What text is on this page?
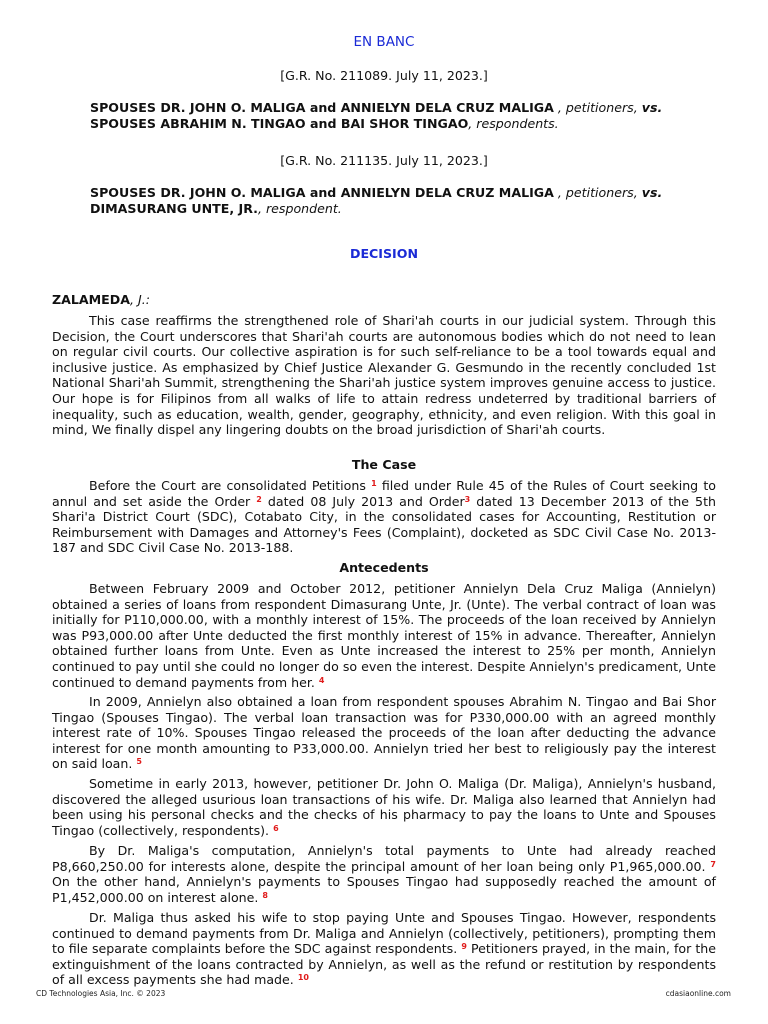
EN BANC
[G.R. No. 211089. July 11, 2023.]
SPOUSES DR. JOHN O. MALIGA and ANNIELYN DELA CRUZ MALIGA , petitioners, vs.
SPOUSES ABRAHIM N. TINGAO and BAI SHOR TINGAO, respondents.
[G.R. No. 211135. July 11, 2023.]
SPOUSES DR. JOHN O. MALIGA and ANNIELYN DELA CRUZ MALIGA , petitioners, vs.
DIMASURANG UNTE, JR., respondent.
DECISION
ZALAMEDA, J.:

This case reaffirms the strengthened role of Shari'ah courts in our judicial system. Through this Decision, the Court underscores that Shari'ah courts are autonomous bodies which do not need to lean on regular civil courts. Our collective aspiration is for such self-reliance to be a tool towards equal and inclusive justice. As emphasized by Chief Justice Alexander G. Gesmundo in the recently concluded 1st National Shari'ah Summit, strengthening the Shari'ah justice system improves genuine access to justice. Our hope is for Filipinos from all walks of life to attain redress undeterred by traditional barriers of inequality, such as education, wealth, gender, geography, ethnicity, and even religion. With this goal in mind, We finally dispel any lingering doubts on the broad jurisdiction of Shari'ah courts.

The Case

Before the Court are consolidated Petitions $^1$ filed under Rule 45 of the Rules of Court seeking to annul and set aside the Order $^2$ dated 08 July 2013 and Order$^3$ dated 13 December 2013 of the 5th Shari'a District Court (SDC), Cotabato City, in the consolidated cases for Accounting, Restitution or Reimbursement with Damages and Attorney's Fees (Complaint), docketed as SDC Civil Case No. 2013-187 and SDC Civil Case No. 2013-188.

Antecedents

Between February 2009 and October 2012, petitioner Annielyn Dela Cruz Maliga (Annielyn) obtained a series of loans from respondent Dimasurang Unte, Jr. (Unte). The verbal contract of loan was initially for P110,000.00, with a monthly interest of 15%. The proceeds of the loan received by Annielyn was P93,000.00 after Unte deducted the first monthly interest of 15% in advance. Thereafter, Annielyn obtained further loans from Unte. Even as Unte increased the interest to 25% per month, Annielyn continued to pay until she could no longer do so even the interest. Despite Annielyn's predicament, Unte continued to demand payments from her. $^4$

In 2009, Annielyn also obtained a loan from respondent spouses Abrahim N. Tingao and Bai Shor Tingao (Spouses Tingao). The verbal loan transaction was for P330,000.00 with an agreed monthly interest rate of 10%. Spouses Tingao released the proceeds of the loan after deducting the advance interest for one month amounting to P33,000.00. Annielyn tried her best to religiously pay the interest on said loan. $^5$

Sometime in early 2013, however, petitioner Dr. John O. Maliga (Dr. Maliga), Annielyn's husband, discovered the alleged usurious loan transactions of his wife. Dr. Maliga also learned that Annielyn had been using his personal checks and the checks of his pharmacy to pay the loans to Unte and Spouses Tingao (collectively, respondents). $^6$

By Dr. Maliga's computation, Annielyn's total payments to Unte had already reached P8,660,250.00 for interests alone, despite the principal amount of her loan being only P1,965,000.00. $^7$ On the other hand, Annielyn's payments to Spouses Tingao had supposedly reached the amount of P1,452,000.00 on interest alone. $^8$

Dr. Maliga thus asked his wife to stop paying Unte and Spouses Tingao. However, respondents continued to demand payments from Dr. Maliga and Annielyn (collectively, petitioners), prompting them to file separate complaints before the SDC against respondents. $^9$ Petitioners prayed, in the main, for the extinguishment of the loans contracted by Annielyn, as well as the refund or restitution by respondents of all excess payments she had made. $^{10}$

CD Technologies Asia, Inc. © 2023	cdasiaonline.com
